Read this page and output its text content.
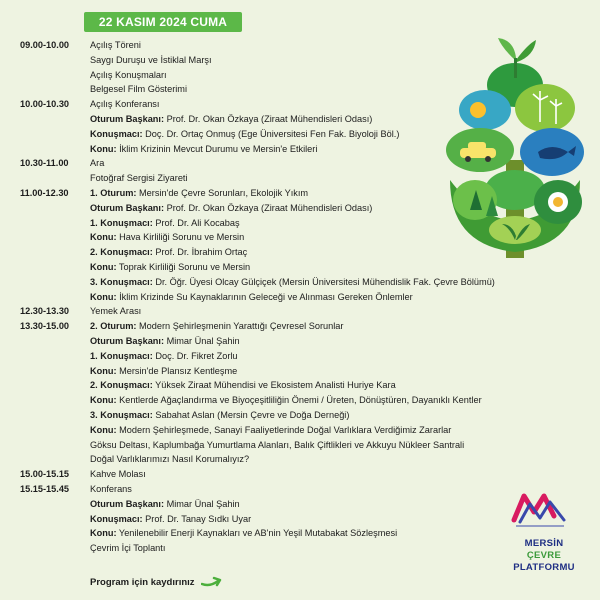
22 KASIM 2024 CUMA
09.00-10.00	Açılış Töreni
Saygı Duruşu ve İstiklal Marşı
Açılış Konuşmaları
Belgesel Film Gösterimi
10.00-10.30	Açılış Konferansı
Oturum Başkanı: Prof. Dr. Okan Özkaya (Ziraat Mühendisleri Odası)
Konuşmacı: Doç. Dr. Ortaç Onmuş (Ege Üniversitesi Fen Fak. Biyoloji Böl.)
Konu: İklim Krizinin Mevcut Durumu ve Mersin'e Etkileri
10.30-11.00	Ara
Fotoğraf Sergisi Ziyareti
11.00-12.30	1. Oturum: Mersin'de Çevre Sorunları, Ekolojik Yıkım
Oturum Başkanı: Prof. Dr. Okan Özkaya (Ziraat Mühendisleri Odası)
1. Konuşmacı: Prof. Dr. Ali Kocabaş
Konu: Hava Kirliliği Sorunu ve Mersin
2. Konuşmacı: Prof. Dr. İbrahim Ortaç
Konu: Toprak Kirliliği Sorunu ve Mersin
3. Konuşmacı: Dr. Öğr. Üyesi Olcay Gülçiçek (Mersin Üniversitesi Mühendislik Fak. Çevre Bölümü)
Konu: İklim Krizinde Su Kaynaklarının Geleceği ve Alınması Gereken Önlemler
12.30-13.30	Yemek Arası
13.30-15.00	2. Oturum: Modern Şehirleşmenin Yarattığı Çevresel Sorunlar
Oturum Başkanı: Mimar Ünal Şahin
1. Konuşmacı: Doç. Dr. Fikret Zorlu
Konu: Mersin'de Plansız Kentleşme
2. Konuşmacı: Yüksek Ziraat Mühendisi ve Ekosistem Analisti Huriye Kara
Konu: Kentlerde Ağaçlandırma ve Biyoçeşitliliğin Önemi / Üreten, Dönüştüren, Dayanıklı Kentler
3. Konuşmacı: Sabahat Aslan (Mersin Çevre ve Doğa Derneği)
Konu: Modern Şehirleşmede, Sanayi Faaliyetlerinde Doğal Varlıklara Verdiğimiz Zararlar
Göksu Deltası, Kaplumbağa Yumurtlama Alanları, Balık Çiftlikleri ve Akkuyu Nükleer Santrali
Doğal Varlıklarımızı Nasıl Korumalıyız?
15.00-15.15	Kahve Molası
15.15-15.45	Konferans
Oturum Başkanı: Mimar Ünal Şahin
Konuşmacı: Prof. Dr. Tanay Sıdkı Uyar
Konu: Yenilenebilir Enerji Kaynakları ve AB'nin Yeşil Mutabakat Sözleşmesi
Çevrim İçi Toplantı
Program için kaydırınız
MERSİN
ÇEVRE
PLATFORMU
